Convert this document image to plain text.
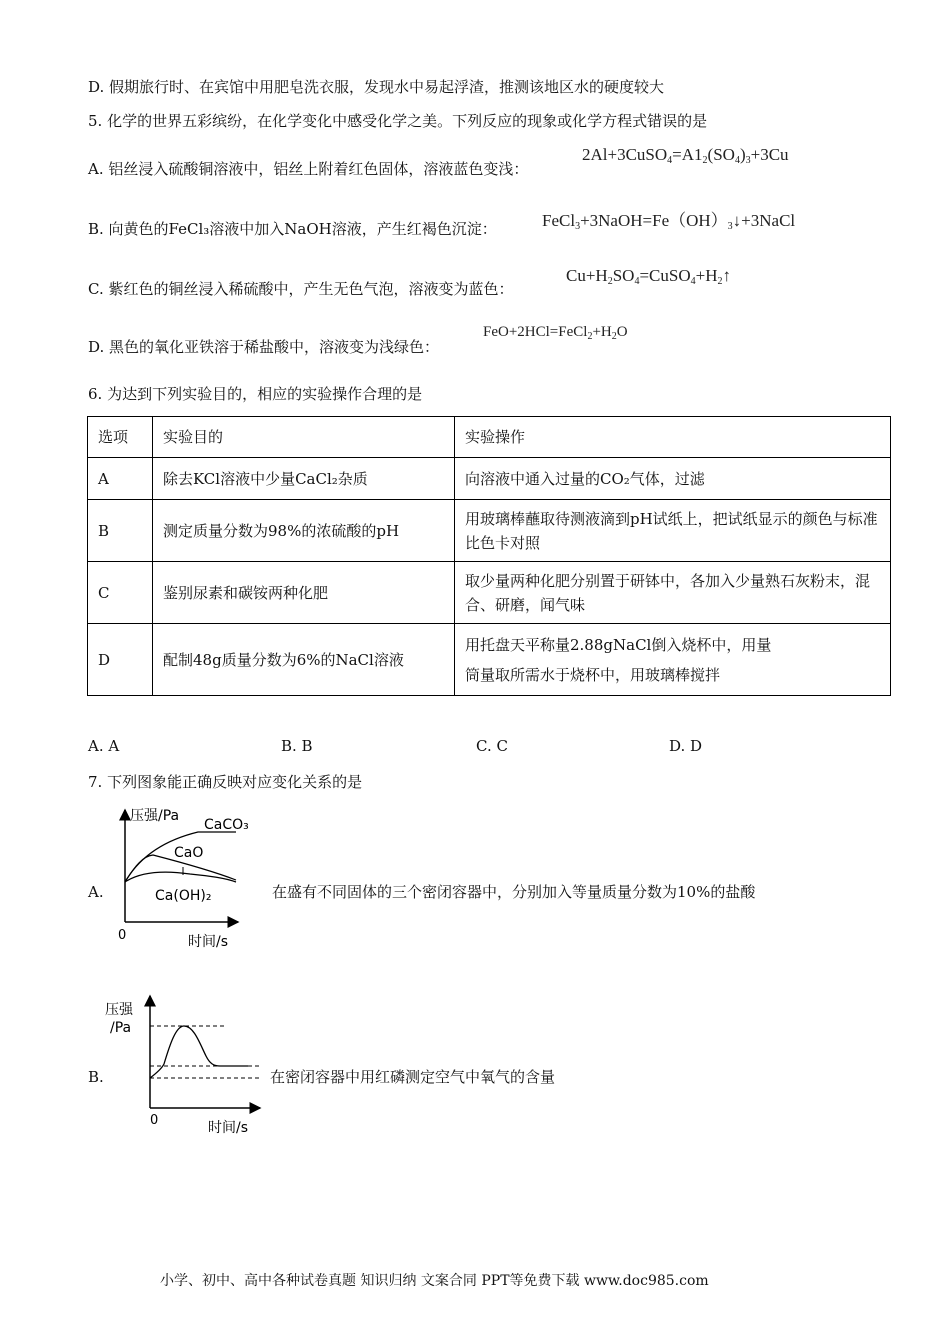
D. 假期旅行时、在宾馆中用肥皂洗衣服，发现水中易起浮渣，推测该地区水的硬度较大
5. 化学的世界五彩缤纷，在化学变化中感受化学之美。下列反应的现象或化学方程式错误的是
A. 铝丝浸入硫酸铜溶液中，铝丝上附着红色固体，溶液蓝色变浅：
$2Al+3CuSO_4=A1_2(SO_4)_3+3Cu$
B. 向黄色的FeCl₃溶液中加入NaOH溶液，产生红褐色沉淀：	$FeCl_3+3NaOH=Fe(OH)_3↓+3NaCl$
C. 紫红色的铜丝浸入稀硫酸中，产生无色气泡，溶液变为蓝色：
$Cu+H_2SO_4=CuSO_4+H_2↑$
D. 黑色的氧化亚铁溶于稀盐酸中，溶液变为浅绿色：
$FeO+2HCl=FeCl_2+H_2O$
6. 为达到下列实验目的，相应的实验操作合理的是
选项	实验目的	实验操作
A	除去KCl溶液中少量CaCl₂杂质	向溶液中通入过量的CO₂气体，过滤
B	测定质量分数为98%的浓硫酸的pH	用玻璃棒蘸取待测液滴到pH试纸上，把试纸显示的颜色与标准比色卡对照
C	鉴别尿素和碳铵两种化肥	取少量两种化肥分别置于研钵中，各加入少量熟石灰粉末，混合、研磨，闻气味
D	配制48g质量分数为6%的NaCl溶液	用托盘天平称量2.88gNaCl倒入烧杯中，用量
筒量取所需水于烧杯中，用玻璃棒搅拌
A. A	B. B	C. C	D. D
7. 下列图象能正确反映对应变化关系的是
A.
压强/Pa
0	时间/s
CaCO₃
CaO
Ca(OH)₂	在盛有不同固体的三个密闭容器中，分别加入等量质量分数为10%的盐酸
B.
压强
/Pa
0	时间/s
在密闭容器中用红磷测定空气中氧气的含量
小学、初中、高中各种试卷真题 知识归纳 文案合同 PPT等免费下载 www.doc985.com
